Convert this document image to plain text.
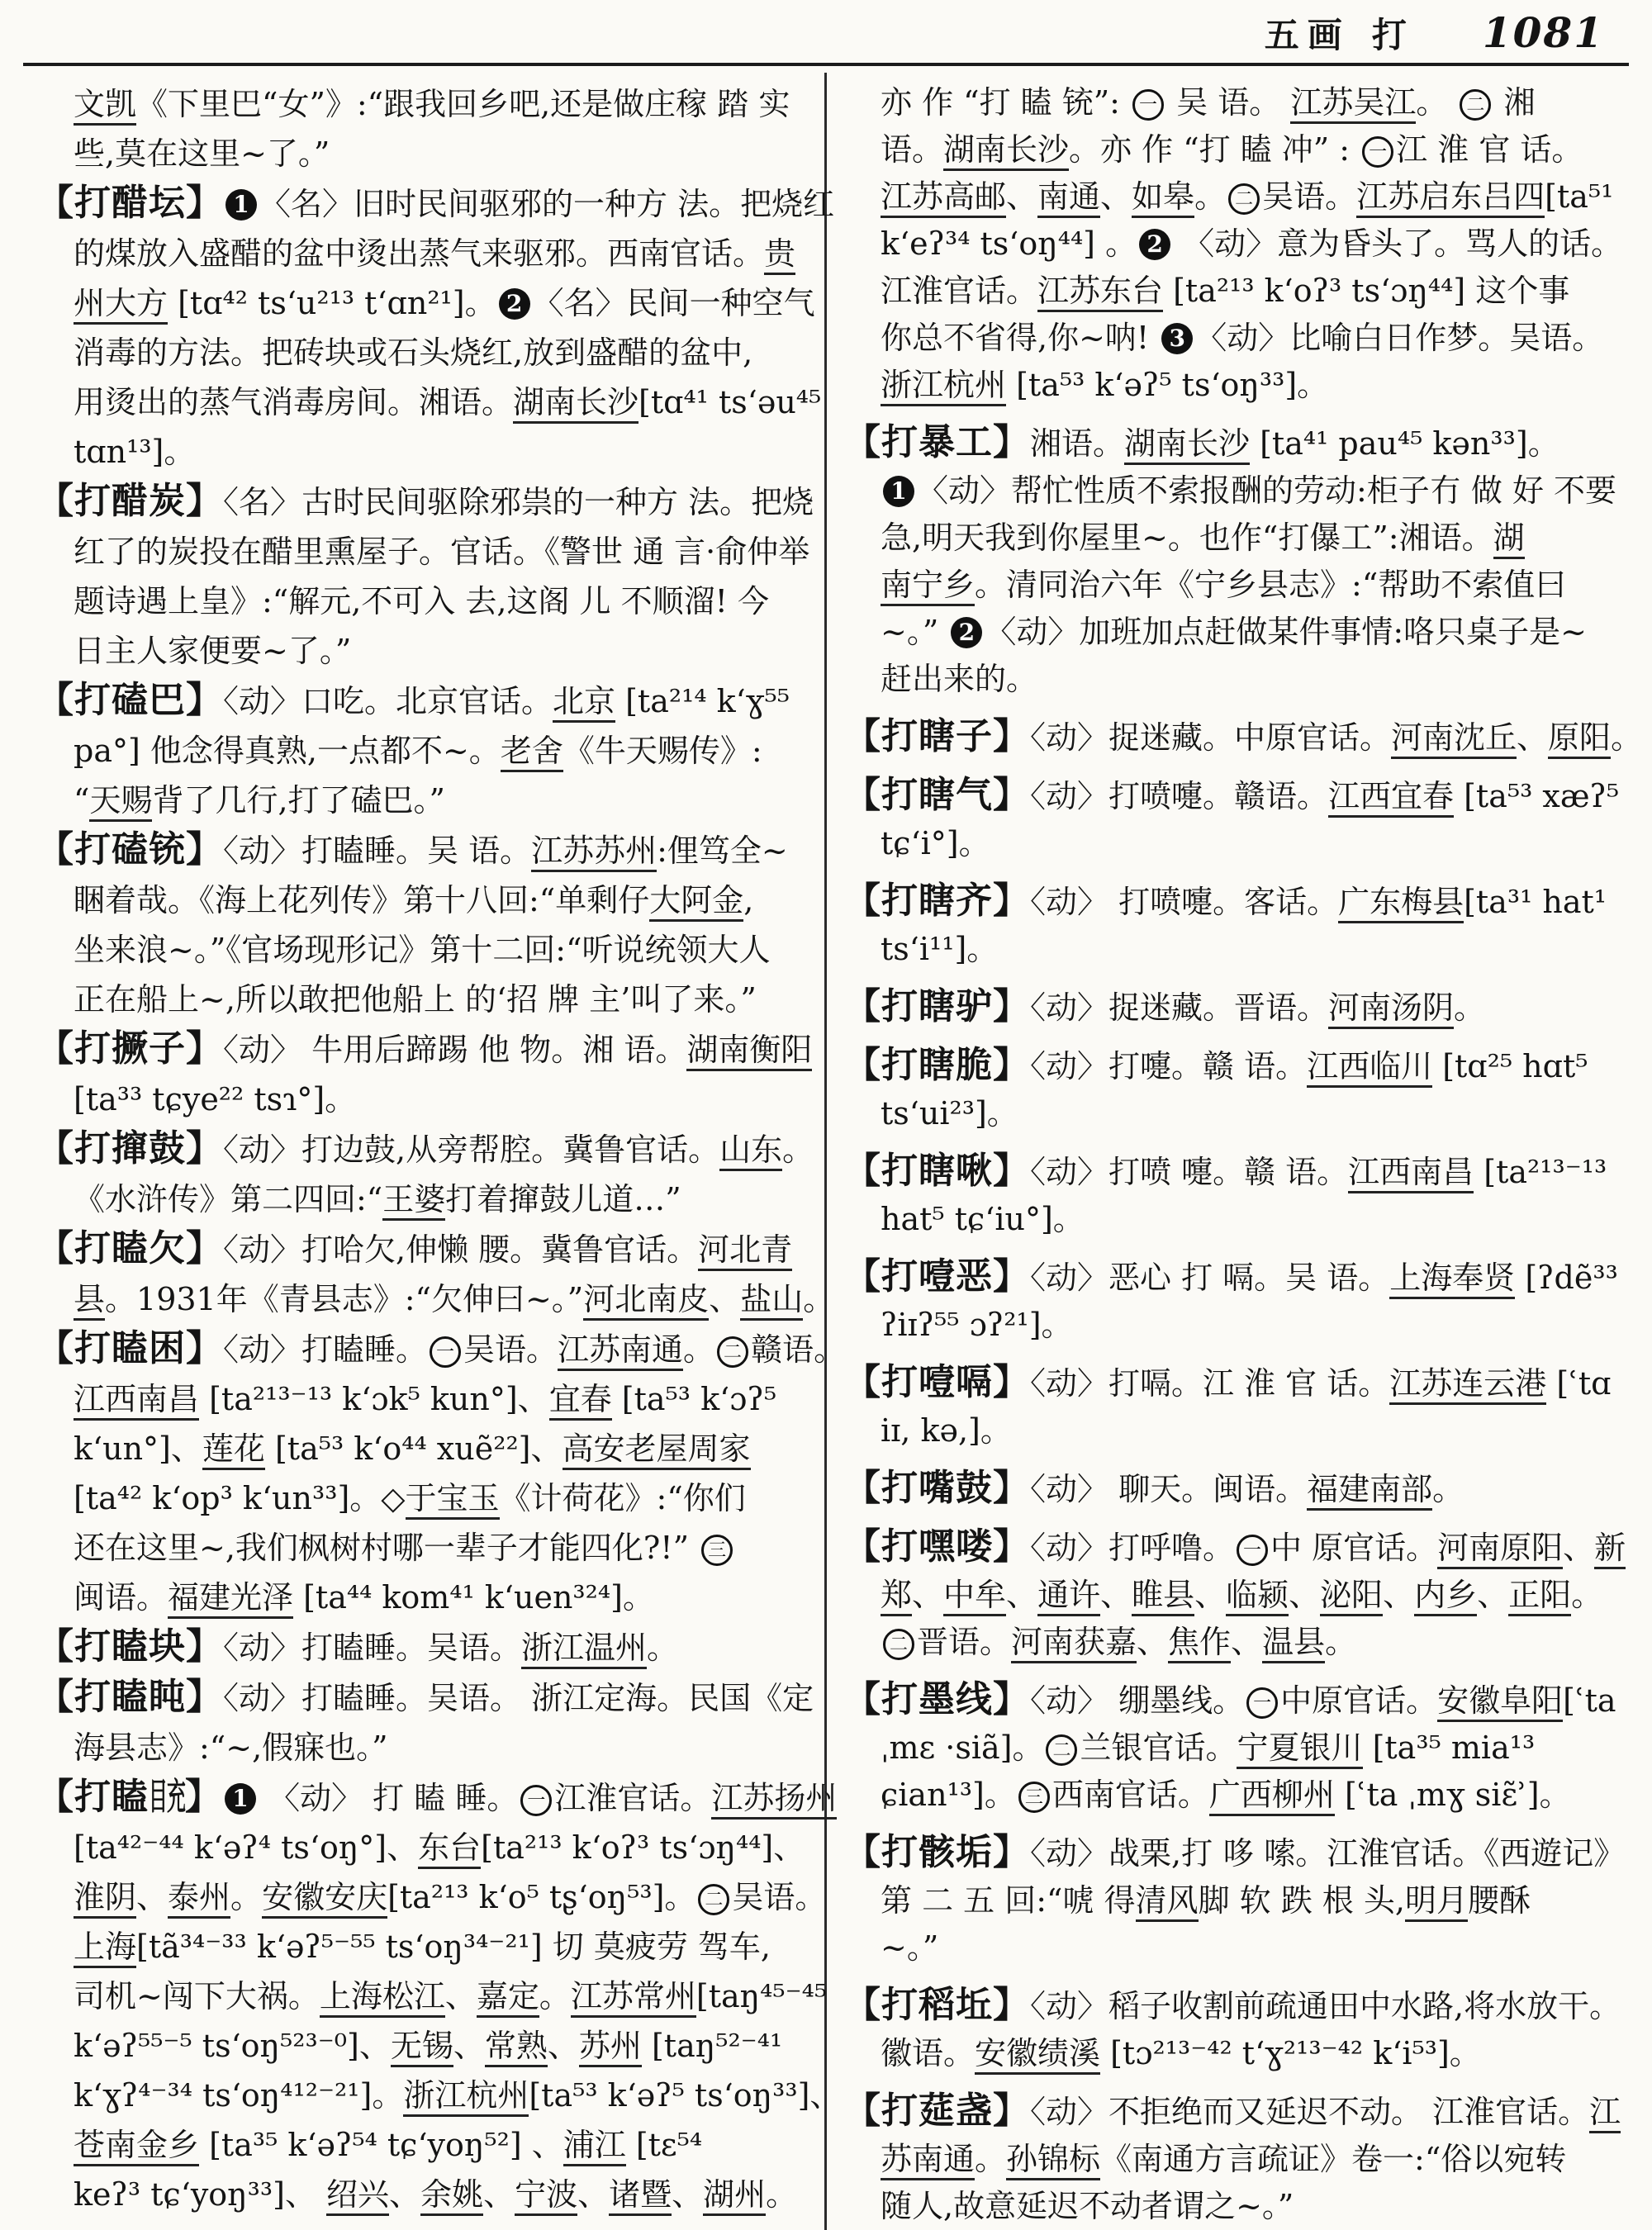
五画 打 1081
文凯《下里巴“女”》:“跟我回乡吧,还是做庄稼 踏 实
些,莫在这里~了。”
【打醋坛】 1 〈名〉旧时民间驱邪的一种方 法。把烧红
的煤放入盛醋的盆中烫出蒸气来驱邪。西南官话。贵
州大方 [tɑ⁴² tsʻu²¹³ tʻɑn²¹]。 2 〈名〉民间一种空气
消毒的方法。把砖块或石头烧红,放到盛醋的盆中,
用烫出的蒸气消毒房间。湘语。湖南长沙[tɑ⁴¹ tsʻəu⁴⁵
tɑn¹³]。
【打醋炭】〈名〉古时民间驱除邪祟的一种方 法。把烧
红了的炭投在醋里熏屋子。官话。《警世 通 言·俞仲举
题诗遇上皇》:“解元,不可入 去,这阁 儿 不顺溜! 今
日主人家便要~了。”
【打磕巴】〈动〉口吃。北京官话。北京 [ta²¹⁴ kʻɣ⁵⁵
pa°] 他念得真熟,一点都不~。老舍《牛天赐传》:
“天赐背了几行,打了磕巴。”
【打磕铳】〈动〉打瞌睡。吴 语。江苏苏州:俚笃全~
睏着哉。《海上花列传》第十八回:“单剩仔大阿金,
坐来浪~。”《官场现形记》第十二回:“听说统领大人
正在船上~,所以敢把他船上 的‘招 牌 主’叫了来。”
【打撅子】〈动〉 牛用后蹄踢 他 物。湘 语。湖南衡阳
[ta³³ tɕye²² tsɿ°]。
【打撺鼓】〈动〉打边鼓,从旁帮腔。冀鲁官话。山东。
《水浒传》第二四回:“王婆打着撺鼓儿道…”
【打瞌欠】〈动〉打哈欠,伸懒 腰。冀鲁官话。河北青
县。1931年《青县志》:“欠伸曰~。”河北南皮、盐山。
【打瞌困】〈动〉打瞌睡。 一 吴语。江苏南通。 二 赣语。
江西南昌 [ta²¹³⁻¹³ kʻɔk⁵ kun°]、宜春 [ta⁵³ kʻɔʔ⁵
kʻun°]、莲花 [ta⁵³ kʻo⁴⁴ xuẽ²²]、高安老屋周家
[ta⁴² kʻop³ kʻun³³]。◇于宝玉《计荷花》:“你们
还在这里~,我们枫树村哪一辈子才能四化?!” 三
闽语。福建光泽 [ta⁴⁴ kom⁴¹ kʻuen³²⁴]。
【打瞌块】〈动〉打瞌睡。吴语。浙江温州。
【打瞌盹】〈动〉打瞌睡。吴语。 浙江定海。民国《定
海县志》:“~,假寐也。”
【打瞌目充】 1 〈动〉 打 瞌 睡。 一 江淮官话。江苏扬州
[ta⁴²⁻⁴⁴ kʻəʔ⁴ tsʻoŋ°]、东台[ta²¹³ kʻoʔ³ tsʻɔŋ⁴⁴]、
淮阴、泰州。安徽安庆[ta²¹³ kʻo⁵ tʂʻoŋ⁵³]。 二 吴语。
上海[tã³⁴⁻³³ kʻəʔ⁵⁻⁵⁵ tsʻoŋ³⁴⁻²¹] 切 莫疲劳 驾车,
司机~闯下大祸。上海松江、嘉定。江苏常州[taŋ⁴⁵⁻⁴⁵
kʻəʔ⁵⁵⁻⁵ tsʻoŋ⁵²³⁻⁰]、无锡、常熟、苏州 [taŋ⁵²⁻⁴¹
kʻɣʔ⁴⁻³⁴ tsʻoŋ⁴¹²⁻²¹]。浙江杭州[ta⁵³ kʻəʔ⁵ tsʻoŋ³³]、
苍南金乡 [ta³⁵ kʻəʔ⁵⁴ tɕʻyoŋ⁵²] 、浦江 [tɛ⁵⁴
keʔ³ tɕʻyoŋ³³]、 绍兴、余姚、宁波、诸暨、湖州。
亦 作 “打 瞌 铳”: 一 吴 语。 江苏吴江。 二 湘
语。湖南长沙。亦 作 “打 瞌 冲” : 一 江 淮 官 话。
江苏高邮、南通、如皋。 二 吴语。江苏启东吕四[ta⁵¹
kʻeʔ³⁴ tsʻoŋ⁴⁴] 。 2 〈动〉意为昏头了。骂人的话。
江淮官话。江苏东台 [ta²¹³ kʻoʔ³ tsʻɔŋ⁴⁴] 这个事
你总不省得,你~呐! 3 〈动〉比喻白日作梦。吴语。
浙江杭州 [ta⁵³ kʻəʔ⁵ tsʻoŋ³³]。
【打暴工】湘语。湖南长沙 [ta⁴¹ pau⁴⁵ kən³³]。
1 〈动〉帮忙性质不索报酬的劳动:柜子冇 做 好 不要
急,明天我到你屋里~。也作“打儤工”:湘语。湖
南宁乡。清同治六年《宁乡县志》:“帮助不索值曰
~。” 2 〈动〉加班加点赶做某件事情:咯只桌子是~
赶出来的。
【打瞎子】〈动〉捉迷藏。中原官话。河南沈丘、原阳。
【打瞎气】〈动〉打喷嚏。赣语。江西宜春 [ta⁵³ xæʔ⁵
tɕʻi°]。
【打瞎齐】〈动〉 打喷嚏。客话。广东梅县[ta³¹ hat¹
tsʻi¹¹]。
【打瞎驴】〈动〉捉迷藏。晋语。河南汤阴。
【打瞎脆】〈动〉打嚏。赣 语。江西临川 [tɑ²⁵ hɑt⁵
tsʻui²³]。
【打瞎啾】〈动〉打喷 嚏。赣 语。江西南昌 [ta²¹³⁻¹³
hat⁵ tɕʻiu°]。
【打噎恶】〈动〉恶心 打 嗝。吴 语。上海奉贤 [ʔdẽ³³
ʔiɪʔ⁵⁵ ɔʔ²¹]。
【打噎嗝】〈动〉打嗝。江 淮 官 话。江苏连云港 [ʿtɑ
iɪ, kə,]。
【打嘴鼓】〈动〉 聊天。闽语。福建南部。
【打嘿喽】〈动〉打呼噜。 一 中 原官话。河南原阳、新
郑、中牟、通许、睢县、临颍、泌阳、内乡、正阳。
二 晋语。河南获嘉、焦作、温县。
【打墨线】〈动〉 绷墨线。 一 中原官话。安徽阜阳[ʿta
ˌmɛ ·siã]。 二 兰银官话。宁夏银川 [ta³⁵ mia¹³
ɕian¹³]。 三 西南官话。广西柳州 [ʿta ˌmɣ siɛ̃ʾ]。
【打骸垢】〈动〉战栗,打 哆 嗦。江淮官话。《西遊记》
第 二 五 回:“唬 得清风脚 软 跌 根 头,明月腰酥
~。”
【打稻坵】〈动〉稻子收割前疏通田中水路,将水放干。
徽语。安徽绩溪 [tɔ²¹³⁻⁴² tʻɣ²¹³⁻⁴² kʻi⁵³]。
【打莚盏】〈动〉不拒绝而又延迟不动。 江淮官话。江
苏南通。孙锦标《南通方言疏证》卷一:“俗以宛转
随人,故意延迟不动者谓之~。”
